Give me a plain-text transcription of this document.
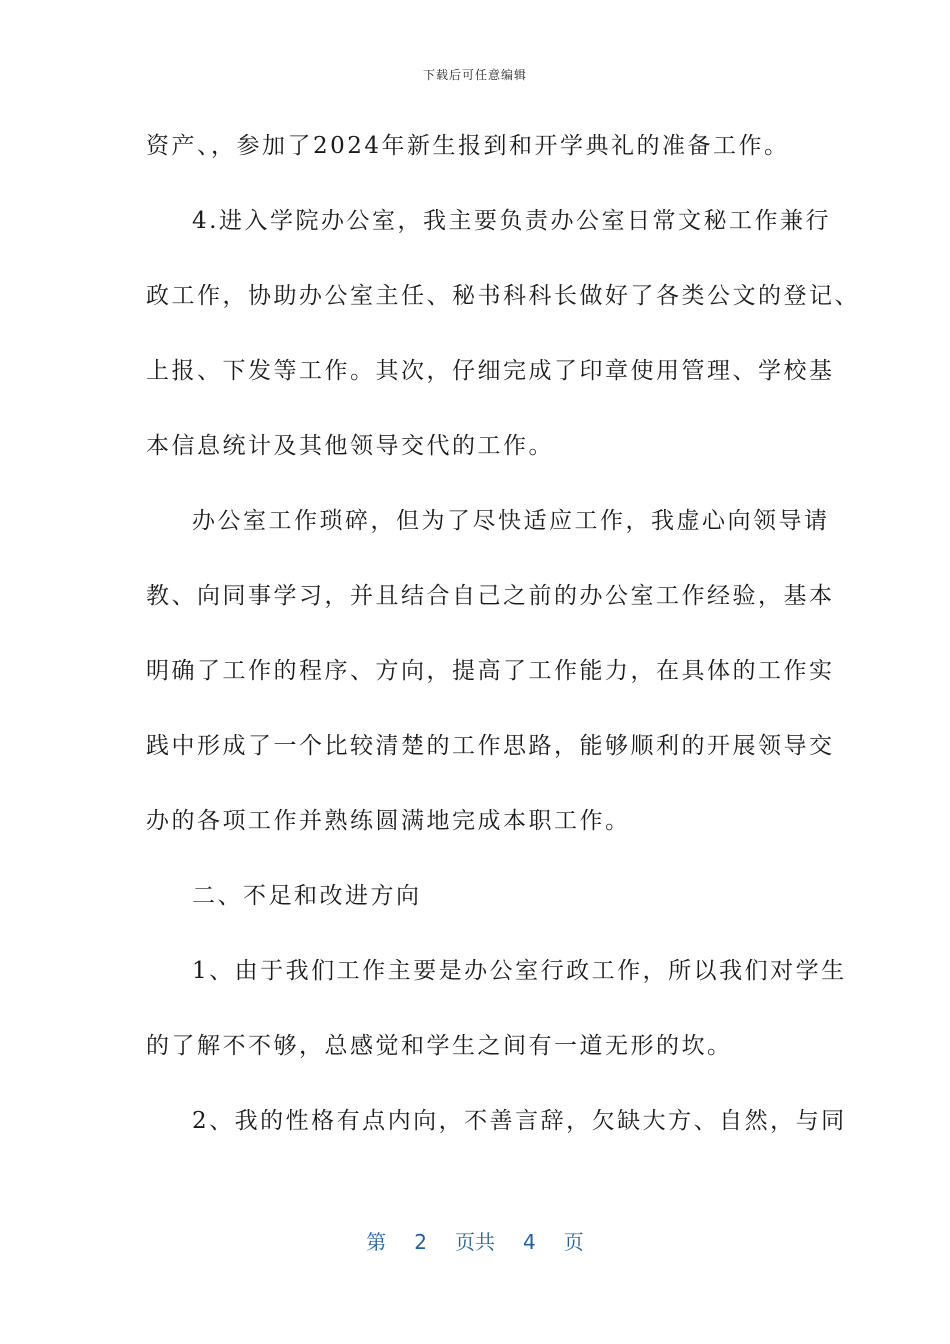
下载后可任意编辑
资产、，参加了2024年新生报到和开学典礼的准备工作。
4.进入学院办公室，我主要负责办公室日常文秘工作兼行
政工作，协助办公室主任、秘书科科长做好了各类公文的登记、
上报、下发等工作。其次，仔细完成了印章使用管理、学校基
本信息统计及其他领导交代的工作。
办公室工作琐碎，但为了尽快适应工作，我虚心向领导请
教、向同事学习，并且结合自己之前的办公室工作经验，基本
明确了工作的程序、方向，提高了工作能力，在具体的工作实
践中形成了一个比较清楚的工作思路，能够顺利的开展领导交
办的各项工作并熟练圆满地完成本职工作。
二、不足和改进方向
1、由于我们工作主要是办公室行政工作，所以我们对学生
的了解不不够，总感觉和学生之间有一道无形的坎。
2、我的性格有点内向，不善言辞，欠缺大方、自然，与同
第 2 页共 4 页
